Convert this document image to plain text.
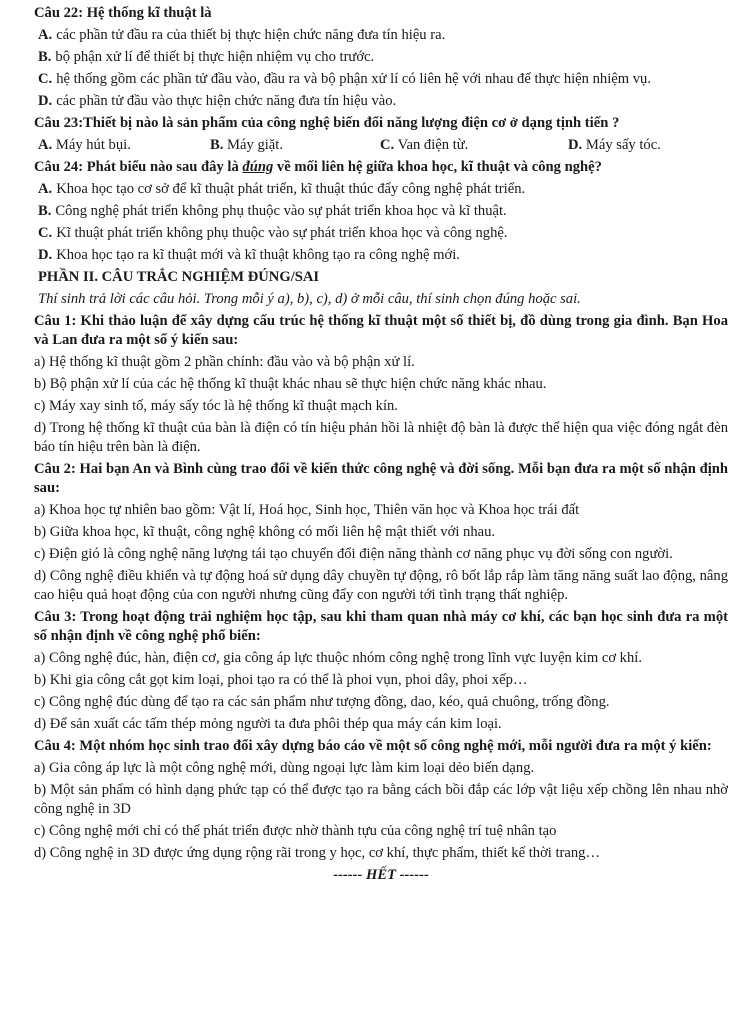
Câu 22: Hệ thống kĩ thuật là
A. các phần tử đầu ra của thiết bị thực hiện chức năng đưa tín hiệu ra.
B. bộ phận xử lí để thiết bị thực hiện nhiệm vụ cho trước.
C. hệ thống gồm các phần tử đầu vào, đầu ra và bộ phận xử lí có liên hệ với nhau để thực hiện nhiệm vụ.
D. các phần tử đầu vào thực hiện chức năng đưa tín hiệu vào.
Câu 23:Thiết bị nào là sản phẩm của công nghệ biến đổi năng lượng điện cơ ở dạng tịnh tiến ?
A. Máy hút bụi.	B. Máy giặt.	C. Van điện từ.	D. Máy sấy tóc.
Câu 24: Phát biểu nào sau đây là đúng về mối liên hệ giữa khoa học, kĩ thuật và công nghệ?
A. Khoa học tạo cơ sở để kĩ thuật phát triển, kĩ thuật thúc đẩy công nghệ phát triển.
B. Công nghệ phát triển không phụ thuộc vào sự phát triển khoa học và kĩ thuật.
C. Kĩ thuật phát triển không phụ thuộc vào sự phát triển khoa học và công nghệ.
D. Khoa học tạo ra kĩ thuật mới và kĩ thuật không tạo ra công nghệ mới.
PHẦN II. CÂU TRẮC NGHIỆM ĐÚNG/SAI
Thí sinh trả lời các câu hỏi. Trong mỗi ý a), b), c), d) ở mỗi câu, thí sinh chọn đúng hoặc sai.
Câu 1: Khi thảo luận để xây dựng cấu trúc hệ thống kĩ thuật một số thiết bị, đồ dùng trong gia đình. Bạn Hoa và Lan đưa ra một số ý kiến sau:
a) Hệ thống kĩ thuật gồm 2 phần chính: đầu vào và bộ phận xử lí.
b) Bộ phận xử lí của các hệ thống kĩ thuật khác nhau sẽ thực hiện chức năng khác nhau.
c) Máy xay sinh tố, máy sấy tóc là hệ thống kĩ thuật mạch kín.
d) Trong hệ thống kĩ thuật của bàn là điện có tín hiệu phản hồi là nhiệt độ bàn là được thể hiện qua việc đóng ngắt đèn báo tín hiệu trên bàn là điện.
Câu 2: Hai bạn An và Bình cùng trao đổi về kiến thức công nghệ và đời sống. Mỗi bạn đưa ra một số nhận định sau:
a) Khoa học tự nhiên bao gồm: Vật lí, Hoá học, Sinh học, Thiên văn học và Khoa học trái đất
b) Giữa khoa học, kĩ thuật, công nghệ không có mối liên hệ mật thiết với nhau.
c) Điện gió là công nghệ năng lượng tái tạo chuyển đổi điện năng thành cơ năng phục vụ đời sống con người.
d) Công nghệ điều khiển và tự động hoá sử dụng dây chuyền tự động, rô bốt lắp rắp làm tăng năng suất lao động, nâng cao hiệu quả hoạt động của con người nhưng cũng đẩy con người tới tình trạng thất nghiệp.
Câu 3: Trong hoạt động trải nghiệm học tập, sau khi tham quan nhà máy cơ khí, các bạn học sinh đưa ra một số nhận định về công nghệ phổ biến:
a) Công nghệ đúc, hàn, điện cơ, gia công áp lực thuộc nhóm công nghệ trong lĩnh vực luyện kim cơ khí.
b) Khi gia công cắt gọt kim loại, phoi tạo ra có thể là phoi vụn, phoi dây, phoi xếp…
c) Công nghệ đúc dùng để tạo ra các sản phẩm như tượng đồng, dao, kéo, quả chuông, trống đồng.
d) Để sản xuất các tấm thép mỏng người ta đưa phôi thép qua máy cán kim loại.
Câu 4: Một nhóm học sinh trao đổi xây dựng báo cáo về một số công nghệ mới, mỗi người đưa ra một ý kiến:
a) Gia công áp lực là một công nghệ mới, dùng ngoại lực làm kim loại dẻo biến dạng.
b) Một sản phẩm có hình dạng phức tạp có thể được tạo ra bằng cách bồi đắp các lớp vật liệu xếp chồng lên nhau nhờ công nghệ in 3D
c) Công nghệ mới chỉ có thể phát triển được nhờ thành tựu của công nghệ trí tuệ nhân tạo
d) Công nghệ in 3D được ứng dụng rộng rãi trong y học, cơ khí, thực phẩm, thiết kế thời trang…
------ HẾT ------
